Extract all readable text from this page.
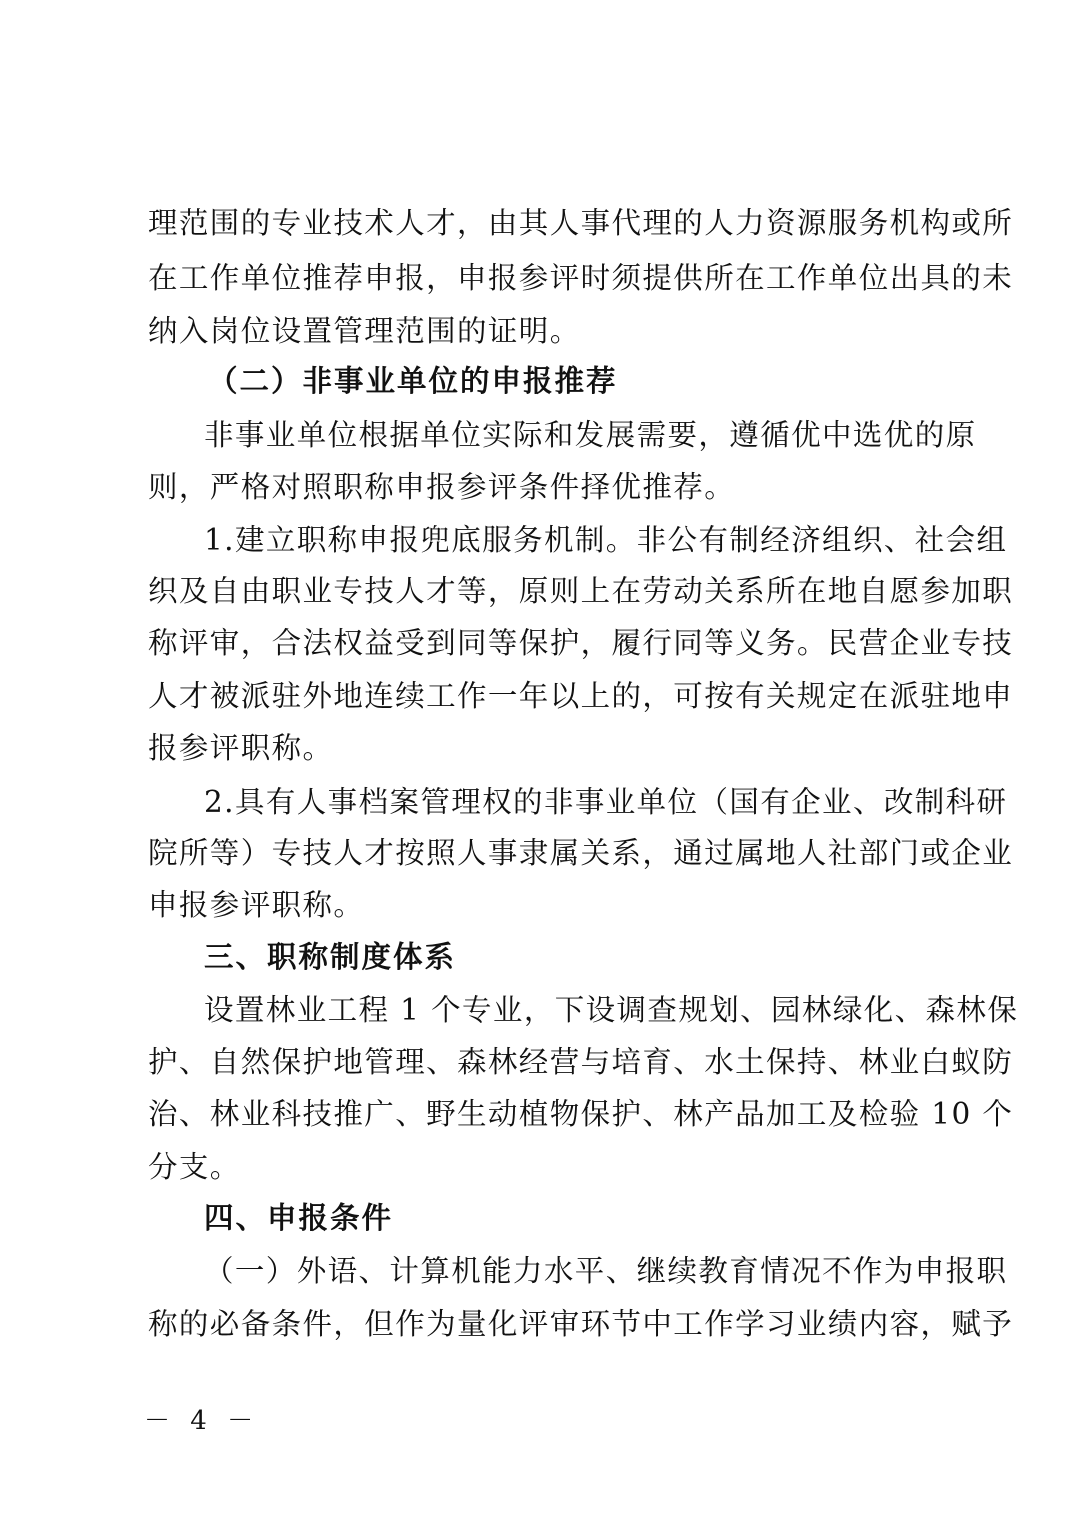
理范围的专业技术人才，由其人事代理的人力资源服务机构或所
在工作单位推荐申报，申报参评时须提供所在工作单位出具的未
纳入岗位设置管理范围的证明。
（二）非事业单位的申报推荐
非事业单位根据单位实际和发展需要，遵循优中选优的原
则，严格对照职称申报参评条件择优推荐。
1.建立职称申报兜底服务机制。非公有制经济组织、社会组
织及自由职业专技人才等，原则上在劳动关系所在地自愿参加职
称评审，合法权益受到同等保护，履行同等义务。民营企业专技
人才被派驻外地连续工作一年以上的，可按有关规定在派驻地申
报参评职称。
2.具有人事档案管理权的非事业单位（国有企业、改制科研
院所等）专技人才按照人事隶属关系，通过属地人社部门或企业
申报参评职称。
三、职称制度体系
设置林业工程 1 个专业，下设调查规划、园林绿化、森林保
护、自然保护地管理、森林经营与培育、水土保持、林业白蚁防
治、林业科技推广、野生动植物保护、林产品加工及检验 10 个
分支。
四、申报条件
（一）外语、计算机能力水平、继续教育情况不作为申报职
称的必备条件，但作为量化评审环节中工作学习业绩内容，赋予
－ 4 －
